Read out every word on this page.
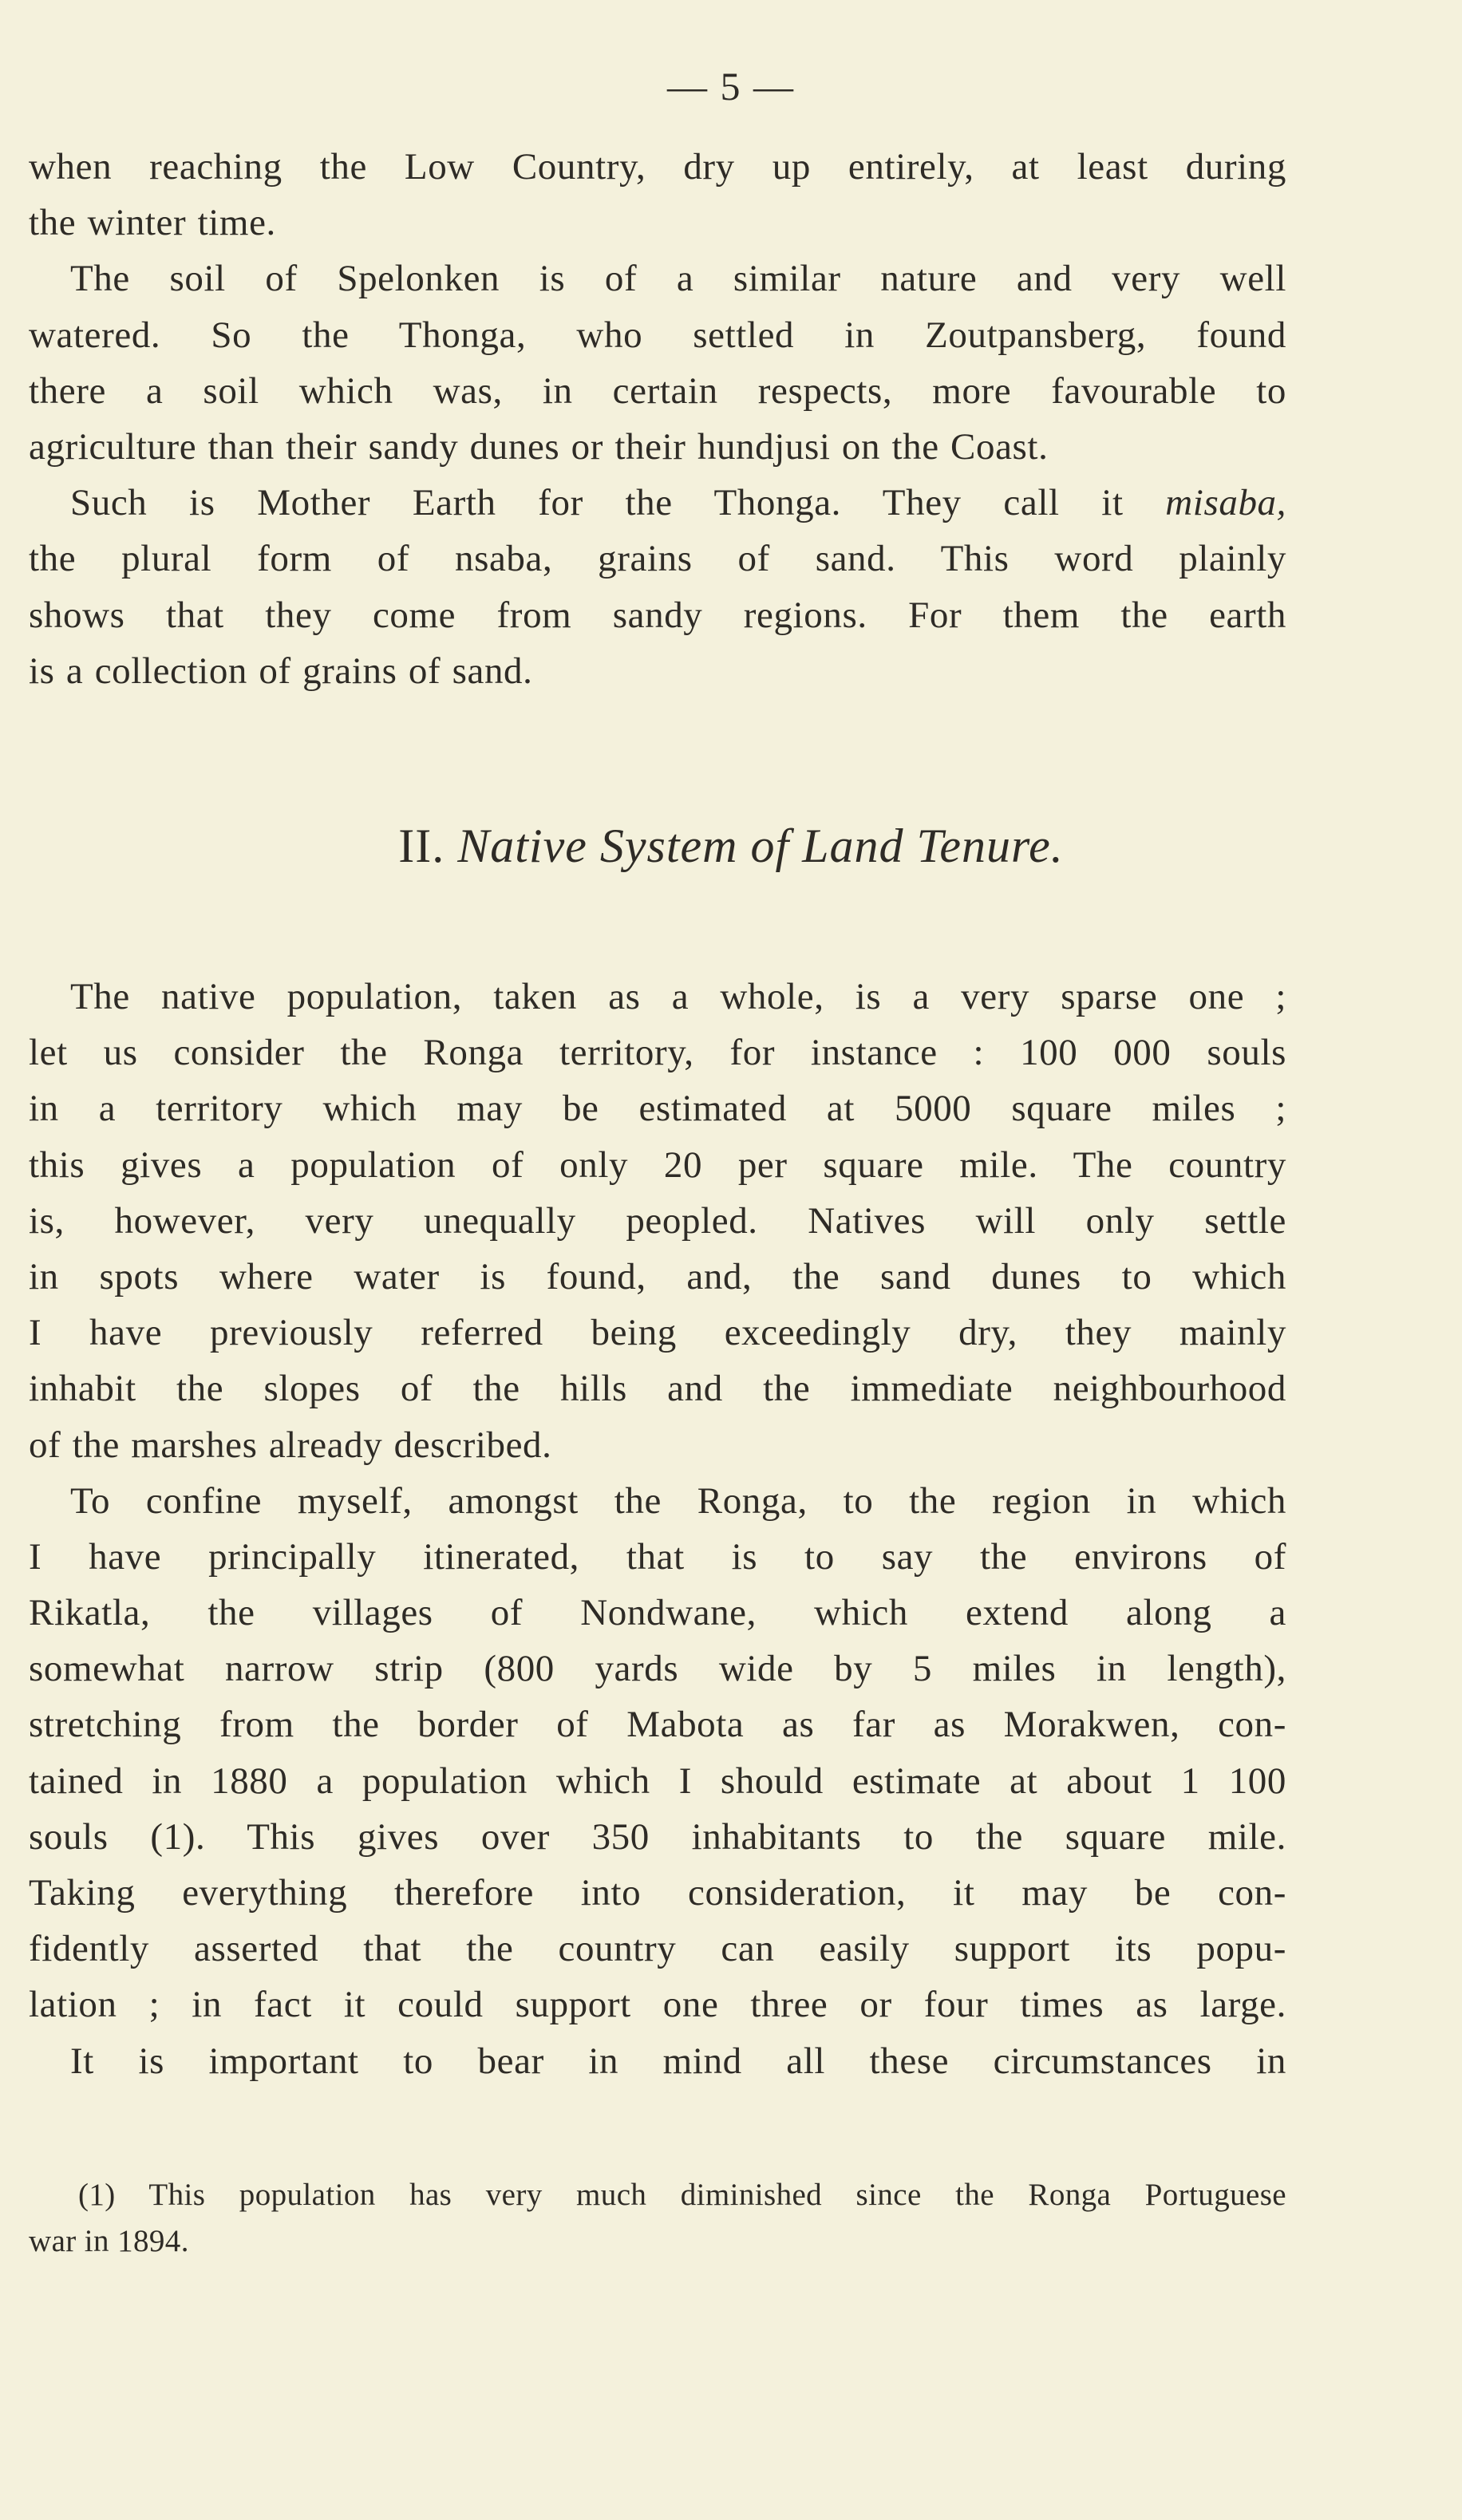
— 5 —
when reaching the Low Country, dry up entirely, at least during
the winter time.
The soil of Spelonken is of a similar nature and very well
watered. So the Thonga, who settled in Zoutpansberg, found
there a soil which was, in certain respects, more favourable to
agriculture than their sandy dunes or their hundjusi on the Coast.
Such is Mother Earth for the Thonga. They call it misaba,
the plural form of nsaba, grains of sand. This word plainly
shows that they come from sandy regions. For them the earth
is a collection of grains of sand.
II. Native System of Land Tenure.
The native population, taken as a whole, is a very sparse one ;
let us consider the Ronga territory, for instance : 100 000 souls
in a territory which may be estimated at 5000 square miles ;
this gives a population of only 20 per square mile. The country
is, however, very unequally peopled. Natives will only settle
in spots where water is found, and, the sand dunes to which
I have previously referred being exceedingly dry, they mainly
inhabit the slopes of the hills and the immediate neighbourhood
of the marshes already described.
To confine myself, amongst the Ronga, to the region in which
I have principally itinerated, that is to say the environs of
Rikatla, the villages of Nondwane, which extend along a
somewhat narrow strip (800 yards wide by 5 miles in length),
stretching from the border of Mabota as far as Morakwen, con-
tained in 1880 a population which I should estimate at about 1 100
souls (1). This gives over 350 inhabitants to the square mile.
Taking everything therefore into consideration, it may be con-
fidently asserted that the country can easily support its popu-
lation ; in fact it could support one three or four times as large.
It is important to bear in mind all these circumstances in
(1) This population has very much diminished since the Ronga Portuguese
war in 1894.
